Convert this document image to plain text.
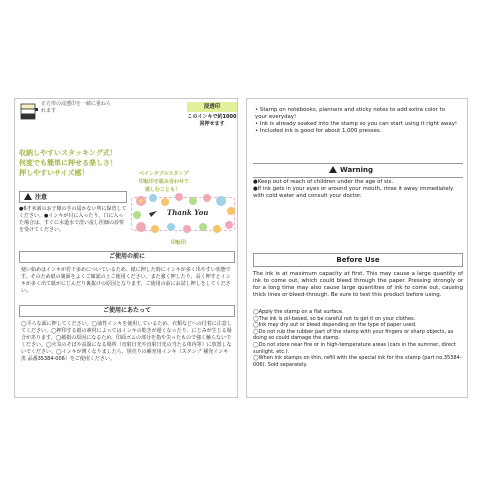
正方形の浸透印を一緒に重ねられます
浸透印
このインキで約1000回押せます
収納しやすいスタッキング式！
何度でも簡単に押せる楽しさ！
押しやすいサイズ感！	ペインタブルスタンプ
印転印を組み合わせて
楽しむことも！
Thank You
印転印
注意
●6才未満のお子様の手の届かない所に保管してください。●インキが目に入ったり、口に入った場合は、すぐに水道水で洗い流し医師の診察を受けてください。
ご使用の前に
使い始めはインキが若干多めについているため、紙に押した時にインキが多く出やすい状態です。そのため紙の裏面をよくご確認の上ご使用ください。また強く押したり、長く押すとインキが多く出て紙がにじんだり裏抜けの原因となります。ご使用の前にお試し押しをしてください。
ご使用にあたって
◯平らな面に押してください。◯油性インキを使用しているため、衣類などへの付着に注意してください。◯押印する紙の素材によってはインキの乾きが遅くなったり、にじみが生じる場合があります。◯破損の原因になるため、印面ゴムの部分を指や尖ったもので強く触らないでください。◯火気のそばや高温になる場所（直射日光や直射日光の当たる車内等）に放置しないでください。◯インキが薄くなりましたら、別売りの補充用インキ（スタンプ 補充インキ 黒 品番35384-006）をご使用ください。
• Stamp on notebooks, planners and sticky notes to add extra color to
your everyday!
• Ink is already soaked into the stamp so you can start using it right away!
• Included ink is good for about 1,000 presses.
Warning
●Keep out of reach of children under the age of six.
●If ink gets in your eyes or around your mouth, rinse it away immediately with cold water and consult your doctor.
Before Use
The ink is at maximum capacity at first. This may cause a large quantity of ink to come out, which could bleed through the paper. Pressing strongly or for a long time may also cause large quantities of ink to come out, causing thick lines or bleed-through. Be sure to test this product before using.
◯Apply the stamp on a flat surface.
◯The ink is oil-based, so be careful not to get it on your clothes.
◯Ink may dry out or bleed depending on the type of paper used.
◯Do not rub the rubber part of the stamp with your fingers or sharp objects, as doing so could damage the stamp.
◯Do not store near fire or in high-temperature areas (cars in the summer, direct sunlight, etc.).
◯When ink stamps on thin, refill with the special ink for the stamp (part no.35384-006). Sold separately.
